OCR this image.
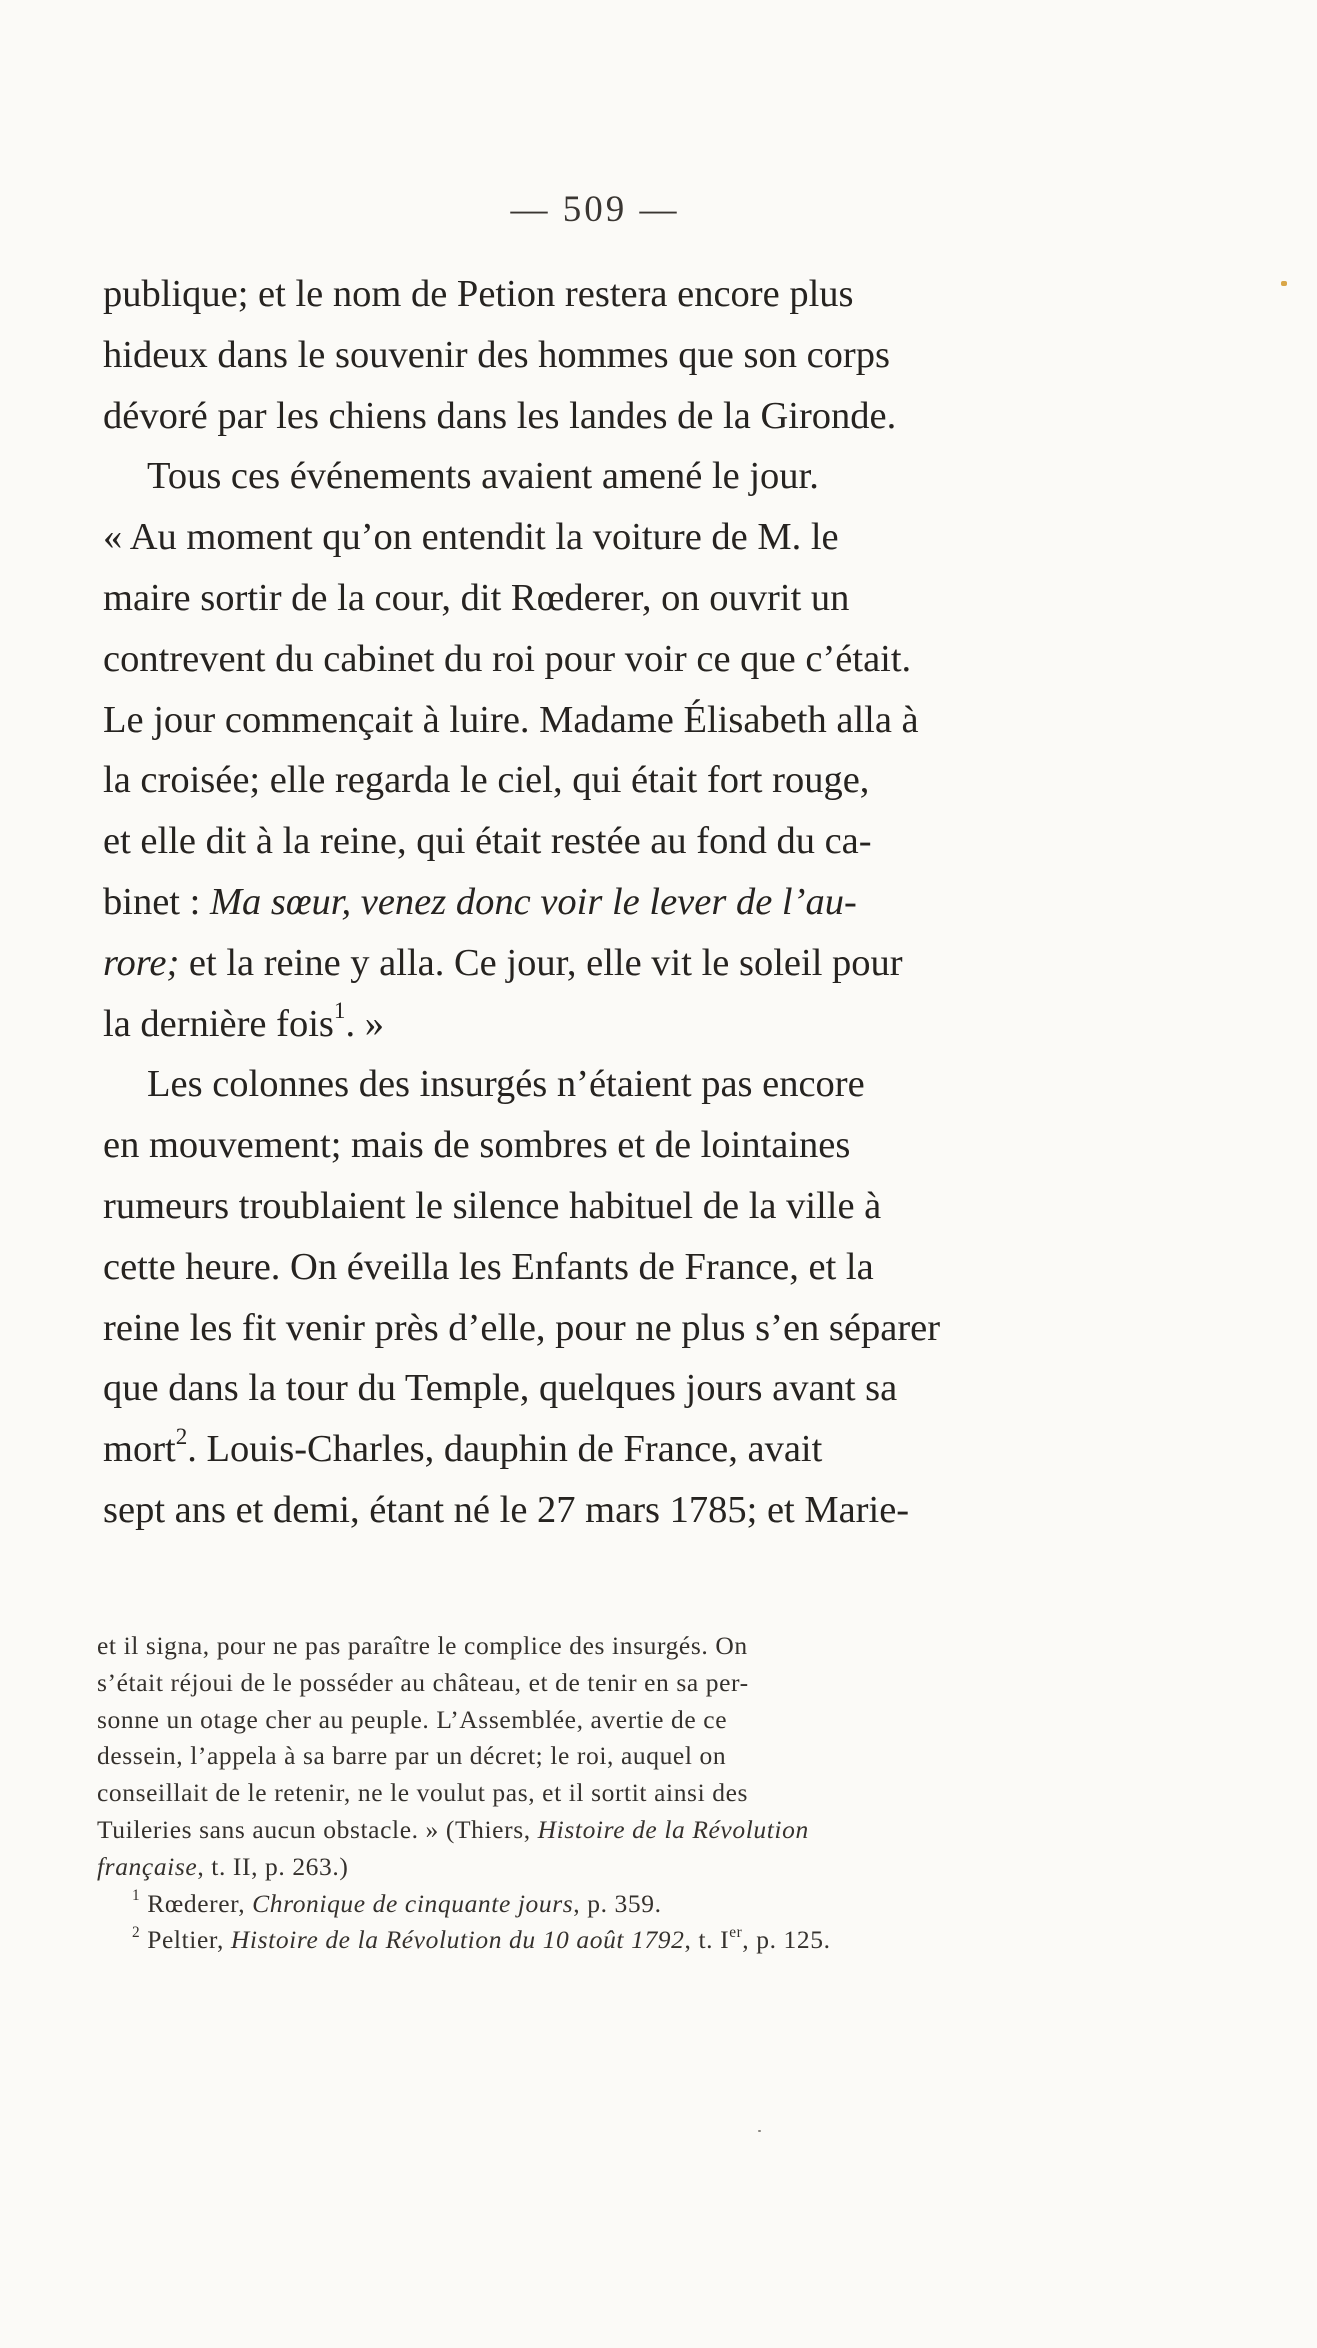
— 509 —
publique; et le nom de Petion restera encore plus
hideux dans le souvenir des hommes que son corps
dévoré par les chiens dans les landes de la Gironde.
Tous ces événements avaient amené le jour.
« Au moment qu’on entendit la voiture de M. le
maire sortir de la cour, dit Rœderer, on ouvrit un
contrevent du cabinet du roi pour voir ce que c’était.
Le jour commençait à luire. Madame Élisabeth alla à
la croisée; elle regarda le ciel, qui était fort rouge,
et elle dit à la reine, qui était restée au fond du ca-
binet : Ma sœur, venez donc voir le lever de l’au-
rore; et la reine y alla. Ce jour, elle vit le soleil pour
la dernière fois$^1$. »
Les colonnes des insurgés n’étaient pas encore
en mouvement; mais de sombres et de lointaines
rumeurs troublaient le silence habituel de la ville à
cette heure. On éveilla les Enfants de France, et la
reine les fit venir près d’elle, pour ne plus s’en séparer
que dans la tour du Temple, quelques jours avant sa
mort$^2$. Louis-Charles, dauphin de France, avait
sept ans et demi, étant né le 27 mars 1785; et Marie-
et il signa, pour ne pas paraître le complice des insurgés. On
s’était réjoui de le posséder au château, et de tenir en sa per-
sonne un otage cher au peuple. L’Assemblée, avertie de ce
dessein, l’appela à sa barre par un décret; le roi, auquel on
conseillait de le retenir, ne le voulut pas, et il sortit ainsi des
Tuileries sans aucun obstacle. » (Thiers, Histoire de la Révolution
française, t. II, p. 263.)
$^1$ Rœderer, Chronique de cinquante jours, p. 359.
$^2$ Peltier, Histoire de la Révolution du 10 août 1792, t. Ier, p. 125.
